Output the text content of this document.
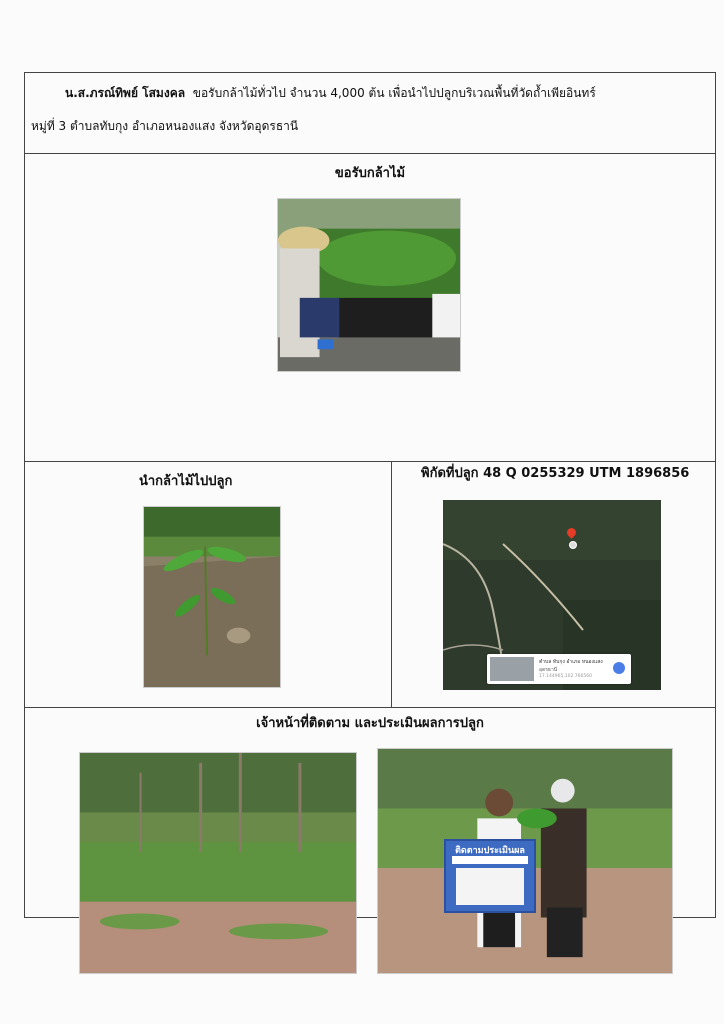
น.ส.ภรณ์ทิพย์ โสมงคล ขอรับกล้าไม้ทั่วไป จำนวน 4,000 ต้น เพื่อนำไปปลูกบริเวณพื้นที่วัดถ้ำเพียอินทร์
หมู่ที่ 3 ตำบลทับกุง อำเภอหนองแสง จังหวัดอุดรธานี
ขอรับกล้าไม้
นำกล้าไม้ไปปลูก
พิกัดที่ปลูก 48 Q 0255329 UTM 1896856
ตำบล ทับกุง อำเภอ หนองแสง
อุดรธานี
17.144965,102.766560
เจ้าหน้าที่ติดตาม และประเมินผลการปลูก
ติดตามประเมินผล
